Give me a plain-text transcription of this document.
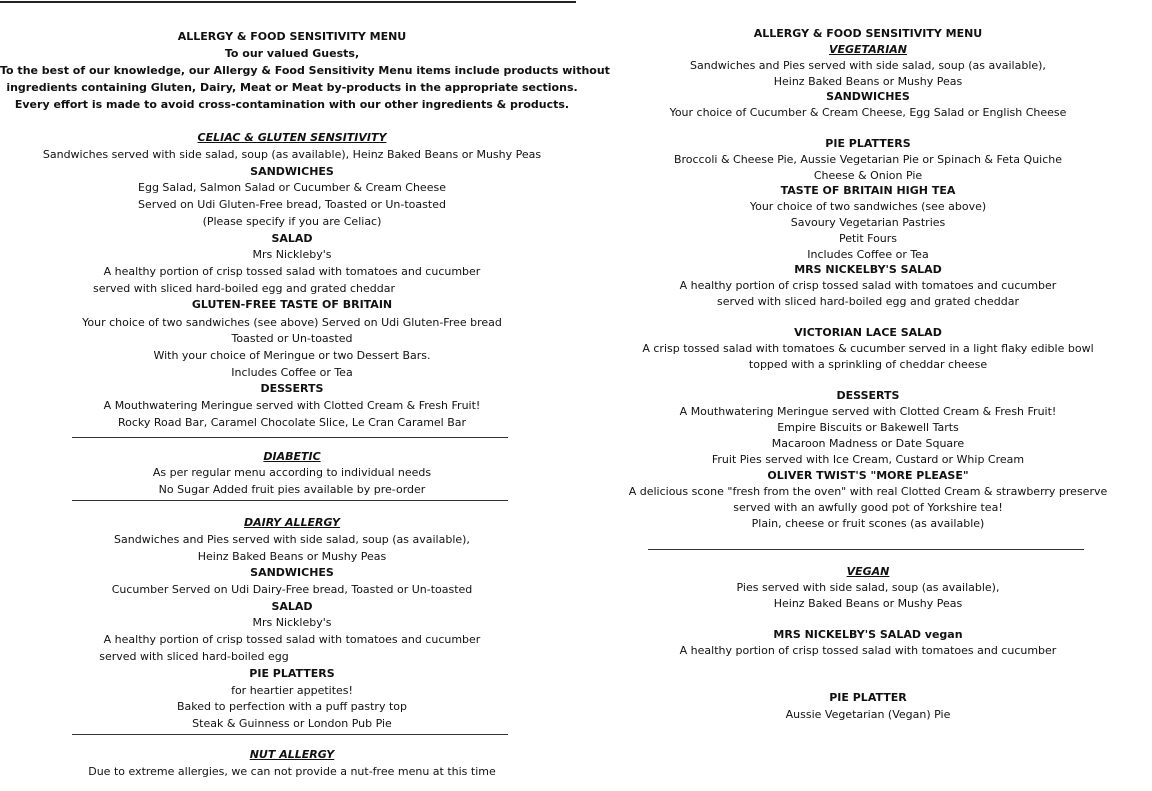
ALLERGY & FOOD SENSITIVITY MENU
To our valued Guests,
To the best of our knowledge, our Allergy & Food Sensitivity Menu items include products without
ingredients containing Gluten, Dairy, Meat or Meat by-products in the appropriate sections.
Every effort is made to avoid cross-contamination with our other ingredients & products.
CELIAC & GLUTEN SENSITIVITY
Sandwiches served with side salad, soup (as available), Heinz Baked Beans or Mushy Peas
SANDWICHES
Egg Salad, Salmon Salad or Cucumber & Cream Cheese
Served on Udi Gluten-Free bread, Toasted or Un-toasted
(Please specify if you are Celiac)
SALAD
Mrs Nickleby's
A healthy portion of crisp tossed salad with tomatoes and cucumber
served with sliced hard-boiled egg and grated cheddar
GLUTEN-FREE TASTE OF BRITAIN
Your choice of two sandwiches (see above) Served on Udi Gluten-Free bread
Toasted or Un-toasted
With your choice of Meringue or two Dessert Bars.
Includes Coffee or Tea
DESSERTS
A Mouthwatering Meringue served with Clotted Cream & Fresh Fruit!
Rocky Road Bar, Caramel Chocolate Slice, Le Cran Caramel Bar
DIABETIC
As per regular menu according to individual needs
No Sugar Added fruit pies available by pre-order
DAIRY ALLERGY
Sandwiches and Pies served with side salad, soup (as available),
Heinz Baked Beans or Mushy Peas
SANDWICHES
Cucumber Served on Udi Dairy-Free bread, Toasted or Un-toasted
SALAD
Mrs Nickleby's
A healthy portion of crisp tossed salad with tomatoes and cucumber
served with sliced hard-boiled egg
PIE PLATTERS
for heartier appetites!
Baked to perfection with a puff pastry top
Steak & Guinness or London Pub Pie
NUT ALLERGY
Due to extreme allergies, we can not provide a nut-free menu at this time
ALLERGY & FOOD SENSITIVITY MENU
VEGETARIAN
Sandwiches and Pies served with side salad, soup (as available),
Heinz Baked Beans or Mushy Peas
SANDWICHES
Your choice of Cucumber & Cream Cheese, Egg Salad or English Cheese
PIE PLATTERS
Broccoli & Cheese Pie, Aussie Vegetarian Pie or Spinach & Feta Quiche
Cheese & Onion Pie
TASTE OF BRITAIN HIGH TEA
Your choice of two sandwiches (see above)
Savoury Vegetarian Pastries
Petit Fours
Includes Coffee or Tea
MRS NICKELBY'S SALAD
A healthy portion of crisp tossed salad with tomatoes and cucumber
served with sliced hard-boiled egg and grated cheddar
VICTORIAN LACE SALAD
A crisp tossed salad with tomatoes & cucumber served in a light flaky edible bowl
topped with a sprinkling of cheddar cheese
DESSERTS
A Mouthwatering Meringue served with Clotted Cream & Fresh Fruit!
Empire Biscuits or Bakewell Tarts
Macaroon Madness or Date Square
Fruit Pies served with Ice Cream, Custard or Whip Cream
OLIVER TWIST'S "MORE PLEASE"
A delicious scone "fresh from the oven" with real Clotted Cream & strawberry preserve
served with an awfully good pot of Yorkshire tea!
Plain, cheese or fruit scones (as available)
VEGAN
Pies served with side salad, soup (as available),
Heinz Baked Beans or Mushy Peas
MRS NICKELBY'S SALAD vegan
A healthy portion of crisp tossed salad with tomatoes and cucumber
PIE PLATTER
Aussie Vegetarian (Vegan) Pie
